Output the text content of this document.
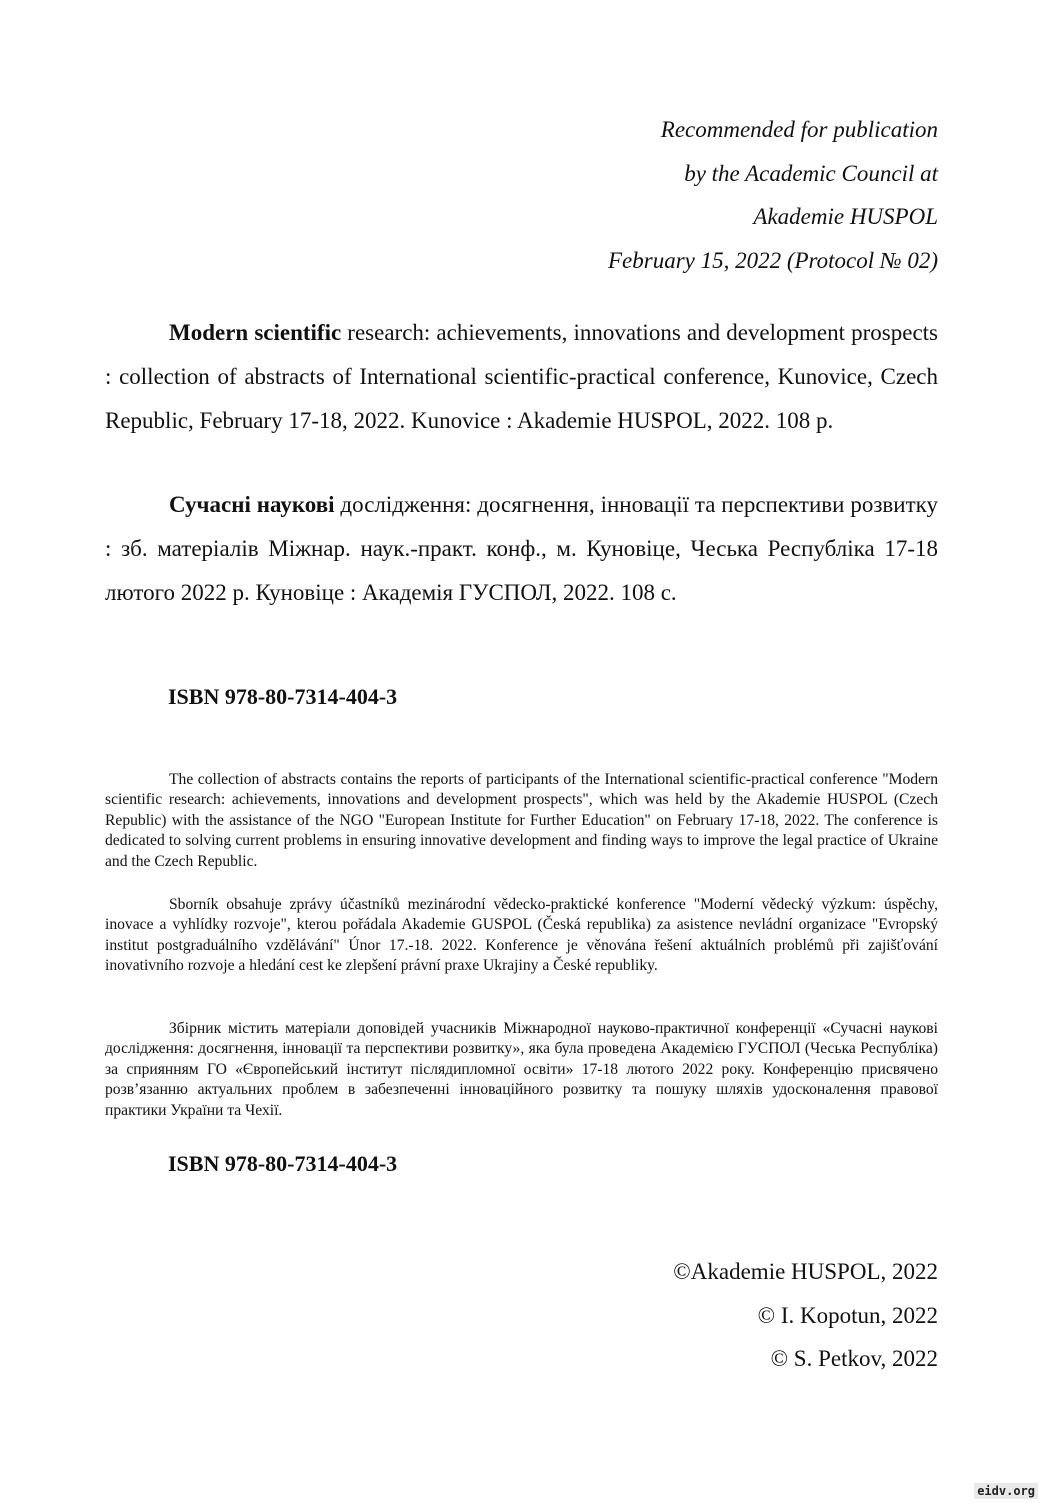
Recommended for publication
by the Academic Council at
Akademie HUSPOL
February 15, 2022 (Protocol № 02)

Modern scientific research: achievements, innovations and development prospects : collection of abstracts of International scientific-practical conference, Kunovice, Czech Republic, February 17-18, 2022. Kunovice : Akademie HUSPOL, 2022. 108 p.

Сучасні наукові дослідження: досягнення, інновації та перспективи розвитку : зб. матеріалів Міжнар. наук.-практ. конф., м. Куновіце, Чеська Республіка 17-18 лютого 2022 р. Куновіце : Академія ГУСПОЛ, 2022. 108 с.

ISBN 978-80-7314-404-3

The collection of abstracts contains the reports of participants of the International scientific-practical conference "Modern scientific research: achievements, innovations and development prospects", which was held by the Akademie HUSPOL (Czech Republic) with the assistance of the NGO "European Institute for Further Education" on February 17-18, 2022. The conference is dedicated to solving current problems in ensuring innovative development and finding ways to improve the legal practice of Ukraine and the Czech Republic.

Sborník obsahuje zprávy účastníků mezinárodní vědecko-praktické konference "Moderní vědecký výzkum: úspěchy, inovace a vyhlídky rozvoje", kterou pořádala Akademie GUSPOL (Česká republika) za asistence nevládní organizace "Evropský institut postgraduálního vzdělávání" Únor 17.-18. 2022. Konference je věnována řešení aktuálních problémů při zajišťování inovativního rozvoje a hledání cest ke zlepšení právní praxe Ukrajiny a České republiky.

Збірник містить матеріали доповідей учасників Міжнародної науково-практичної конференції «Сучасні наукові дослідження: досягнення, інновації та перспективи розвитку», яка була проведена Академією ГУСПОЛ (Чеська Республіка) за сприянням ГО «Європейський інститут післядипломної освіти» 17-18 лютого 2022 року. Конференцію присвячено розв’язанню актуальних проблем в забезпеченні інноваційного розвитку та пошуку шляхів удосконалення правової практики України та Чехії.

ISBN 978-80-7314-404-3
©Akademie HUSPOL, 2022
© I. Kopotun, 2022
© S. Petkov, 2022
eidv.org
